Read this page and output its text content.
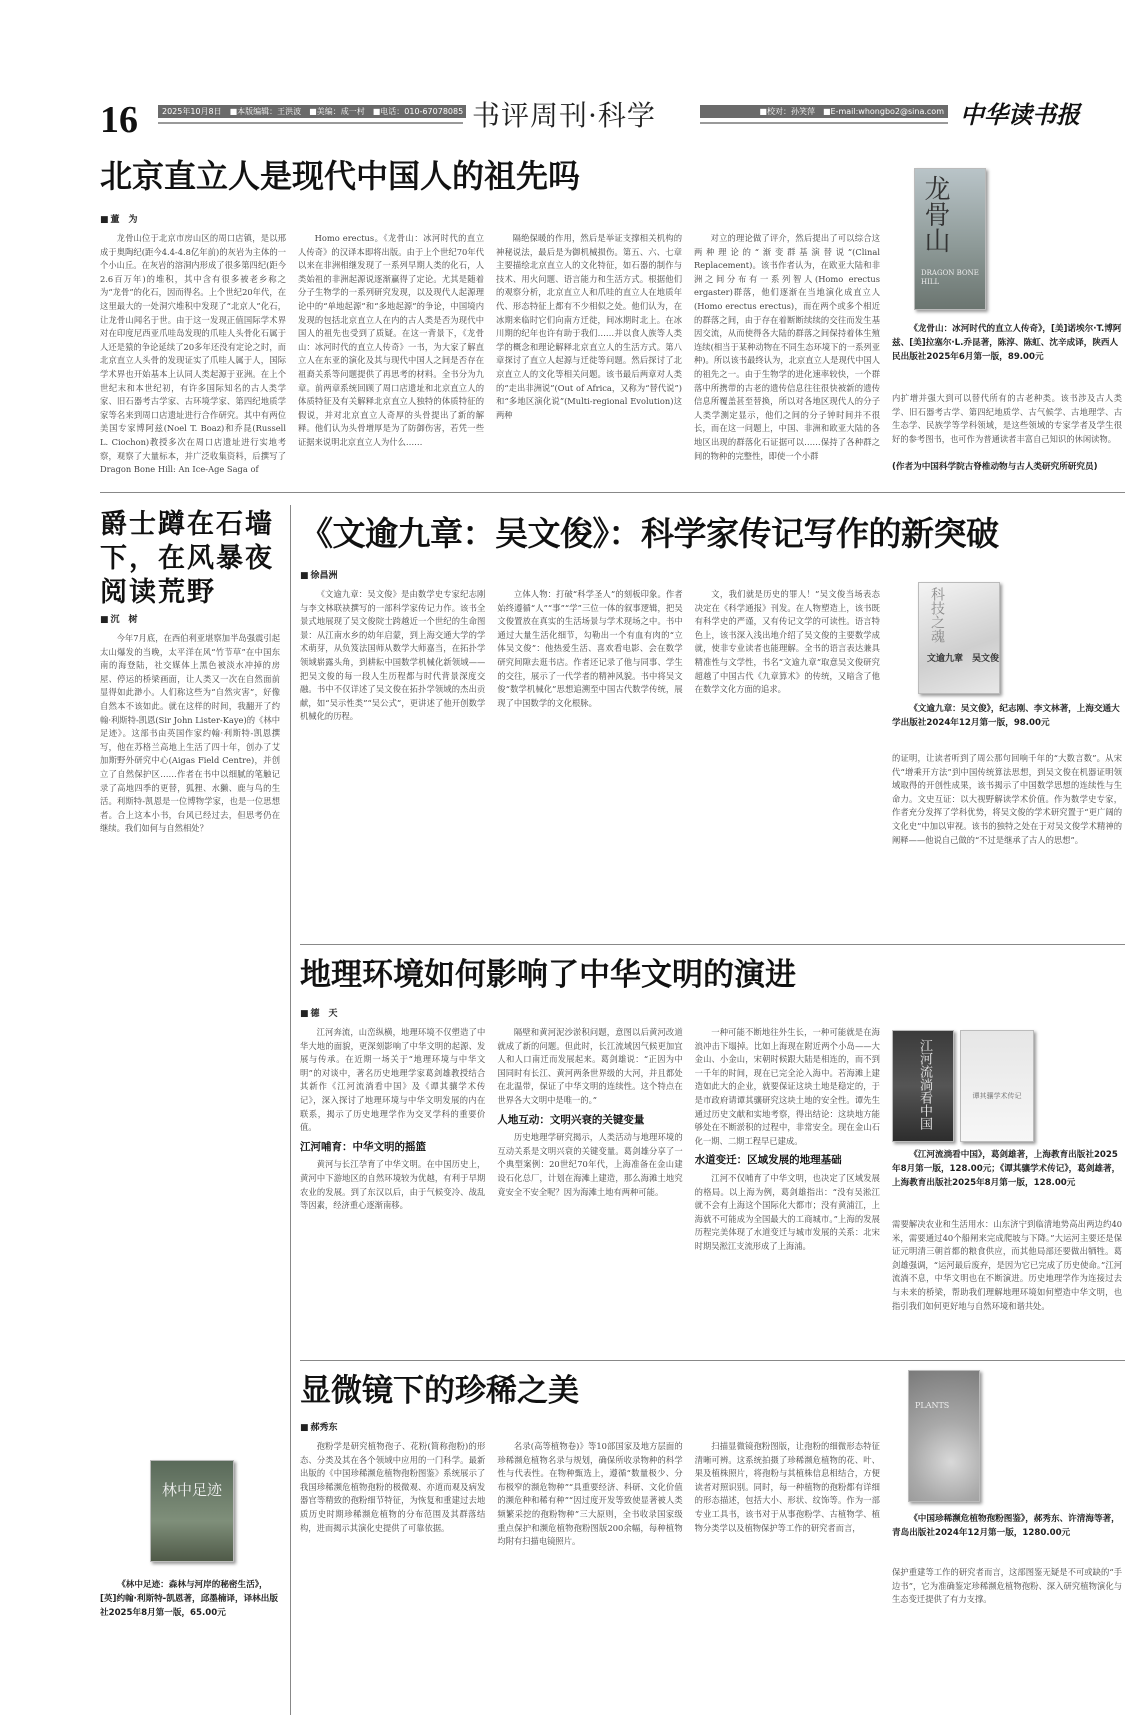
16	2025年10月8日　■本版编辑：王洪波　■美编：成一村　■电话：010-67078085 书评周刊·科学	■校对：孙笑萍　■E-mail:whongbo2@sina.com 中华读书报
北京直立人是现代中国人的祖先吗
■ 董　为

龙骨山位于北京市房山区的周口店镇，是以邢成于奥陶纪(距今4.4-4.8亿年前)的灰岩为主体的一个小山丘。在灰岩的溶洞内形成了很多第四纪(距今2.6百万年)的堆积，其中含有很多被老乡称之为“龙骨”的化石，因而得名。上个世纪20年代，在这里最大的一处洞穴堆积中发现了“北京人”化石，让龙骨山闻名于世。由于这一发现正值国际学术界对在印度尼西亚爪哇岛发现的爪哇人头骨化石属于人还是猿的争论延续了20多年还没有定论之时，而北京直立人头骨的发现证实了爪哇人属于人，国际学术界也开始基本上认同人类起源于亚洲。在上个世纪末和本世纪初，有许多国际知名的古人类学家、旧石器考古学家、古环境学家、第四纪地质学家等名来到周口店遗址进行合作研究。其中有两位美国专家博阿兹(Noel T. Boaz)和乔昆(Russell L. Ciochon)教授多次在周口店遗址进行实地考察，观察了大量标本，并广泛收集资料，后撰写了Dragon Bone Hill: An Ice-Age Saga of

Homo erectus。《龙骨山：冰河时代的直立人传奇》的汉译本即将出版。由于上个世纪70年代以来在非洲相继发现了一系列早期人类的化石，人类始祖的非洲起源说逐渐赢得了定论。尤其是随着分子生物学的一系列研究发现，以及现代人起源理论中的“单地起源”和“多地起源”的争论，中国境内发现的包括北京直立人在内的古人类是否为现代中国人的祖先也受到了质疑。在这一背景下，《龙骨山：冰河时代的直立人传奇》一书，为大家了解直立人在东亚的演化及其与现代中国人之间是否存在祖裔关系等问题提供了再思考的材料。全书分为九章。前两章系统回顾了周口店遗址和北京直立人的体质特征及有关解释北京直立人独特的体质特征的假说，并对北京直立人奇厚的头骨提出了新的解释。他们认为头骨增厚是为了防御伤害，若凭一些证据来说明北京直立人为什么……

隔绝保暖的作用，然后是举证支撑相关机构的神秘说法，最后是为御机械损伤。第五、六、七章主要描绘北京直立人的文化特征，如石器的制作与技术、用火问题、语言能力和生活方式。根据他们的观察分析，北京直立人和爪哇的直立人在地质年代、形态特征上都有不少相似之处。他们认为，在冰期来临时它们向南方迁徙，间冰期时北上。在冰川期的纪年也许有助于我们……并以食人族等人类学的概念和理论解释北京直立人的生活方式。第八章探讨了直立人起源与迁徙等问题。然后探讨了北京直立人的文化等相关问题。该书最后两章对人类的“走出非洲说”(Out of Africa，又称为“替代说”)和“多地区演化说”(Multi-regional Evolution)这两种

对立的理论做了评介，然后提出了可以综合这两种理论的“渐变群基演替说”(Clinal Replacement)。该书作者认为，在欧亚大陆和非洲之间分布有一系列智人(Homo erectus ergaster)群落，他们逐渐在当地演化成直立人(Homo erectus erectus)，而在两个或多个相近的群落之间，由于存在着断断续续的交往而发生基因交流，从而使得各大陆的群落之间保持着体生殖连续(相当于某种动物在不同生态环境下的一系列亚种)。所以该书最终认为，北京直立人是现代中国人的祖先之一。由于生物学的进化速率较快，一个群落中所携带的古老的遗传信息往往很快被新的遗传信息所覆盖甚至替换，所以对各地区现代人的分子人类学测定显示，他们之间的分子钟时间并不很长，而在这一问题上，中国、非洲和欧亚大陆的各地区出现的群落化石证据可以……保持了各种群之间的物种的完整性，即使一个小群

龙骨山
DRAGON BONE HILL
《龙骨山：冰河时代的直立人传奇》，[美]诺埃尔·T.博阿兹、[美]拉塞尔·L.乔昆著，陈淳、陈虹、沈辛成译，陕西人民出版社2025年6月第一版，89.00元
内扩增并强大到可以替代所有的古老种类。该书涉及古人类学、旧石器考古学、第四纪地质学、古气候学、古地理学、古生态学、民族学等学科领域，是这些领域的专家学者及学生很好的参考图书，也可作为普通读者丰富自己知识的休闲读物。
(作者为中国科学院古脊椎动物与古人类研究所研究员)
爵士蹲在石墙下，在风暴夜阅读荒野
■ 沉　树

今年7月底，在西伯利亚堪察加半岛强震引起太山爆发的当晚，太平洋在风“竹节草”在中国东南的海登陆，社交媒体上黑色被淡水冲掉的房屋、停运的桥梁画面，让人类又一次在自然面前显得如此渺小。人们称这些为“自然灾害”，好像自然本不该如此。就在这样的时间，我翻开了约翰·利斯特-凯恩(Sir John Lister-Kaye)的《林中足迹》。这部书由英国作家约翰·利斯特-凯恩撰写，他在苏格兰高地上生活了四十年，创办了艾加斯野外研究中心(Aigas Field Centre)，并创立了自然保护区……作者在书中以细腻的笔触记录了高地四季的更替，狐狸、水獭、鹿与鸟的生活。利斯特-凯恩是一位博物学家，也是一位思想者。合上这本小书，台风已经过去，但思考仍在继续。我们如何与自然相处？

林中足迹
《林中足迹：森林与河岸的秘密生活》，[英]约翰·利斯特-凯恩著，邱墨楠译，译林出版社2025年8月第一版，65.00元
《文逾九章：吴文俊》：科学家传记写作的新突破
■ 徐昌洲

《文逾九章：吴文俊》是由数学史专家纪志刚与李文林联袂撰写的一部科学家传记力作。该书全景式地展现了吴文俊院士跨越近一个世纪的生命图景：从江南水乡的幼年启蒙，到上海交通大学的学术萌芽，从负笈法国师从数学大师嘉当，在拓扑学领域崭露头角，到耕耘中国数学机械化新领域——把吴文俊的每一段人生历程都与时代背景深度交融。书中不仅详述了吴文俊在拓扑学领域的杰出贡献，如“吴示性类”“吴公式”，更讲述了他开创数学机械化的历程。

立体人物：打破“科学圣人”的刻板印象。作者始终遵循“人”“事”“学”三位一体的叙事逻辑，把吴文俊置放在真实的生活场景与学术现场之中。书中通过大量生活化细节，勾勒出一个有血有肉的“立体吴文俊”：他热爱生活、喜欢看电影、会在数学研究间隙去逛书店。作者还记录了他与同事、学生的交往，展示了一代学者的精神风貌。书中将吴文俊“数学机械化”思想追溯至中国古代数学传统，展现了中国数学的文化根脉。

文，我们就是历史的罪人！”吴文俊当场表态决定在《科学通报》刊发。在人物塑造上，该书既有科学史的严谨，又有传记文学的可读性。语言特色上，该书深入浅出地介绍了吴文俊的主要数学成就，使非专业读者也能理解。全书的语言表达兼具精准性与文学性，书名“文逾九章”取意吴文俊研究超越了中国古代《九章算术》的传统，又暗含了他在数学文化方面的追求。

科技之魂
文逾九章　吴文俊
《文逾九章：吴文俊》，纪志刚、李文林著，上海交通大学出版社2024年12月第一版，98.00元
的证明，让读者听到了周公那句回响千年的“大数言数”。从宋代“增乘开方法”到中国传统算法思想，到吴文俊在机器证明领域取得的开创性成果，该书揭示了中国数学思想的连续性与生命力。文史互证：以大视野解读学术价值。作为数学史专家，作者充分发挥了学科优势，将吴文俊的学术研究置于“更广阔的文化史”中加以审视。该书的独特之处在于对吴文俊学术精神的阐释——他说自己做的“不过是继承了古人的思想”。
地理环境如何影响了中华文明的演进
■ 德　天

江河奔流，山峦纵横，地理环境不仅塑造了中华大地的面貌，更深刻影响了中华文明的起源、发展与传承。在近期一场关于“地理环境与中华文明”的对谈中，著名历史地理学家葛剑雄教授结合其新作《江河流淌看中国》及《谭其骧学术传记》，深入探讨了地理环境与中华文明发展的内在联系，揭示了历史地理学作为交叉学科的重要价值。

江河哺育：中华文明的摇篮

黄河与长江孕育了中华文明。在中国历史上，黄河中下游地区的自然环境较为优越，有利于早期农业的发展。到了东汉以后，由于气候变冷、战乱等因素，经济重心逐渐南移。

隔壁和黄河泥沙淤积问题，意图以后黄河改道就成了新的问题。但此时，长江流域因气候更加宜人和人口南迁而发展起来。葛剑雄说：“正因为中国同时有长江、黄河两条世界级的大河，并且都处在北温带，保证了中华文明的连续性。这个特点在世界各大文明中是唯一的。”

人地互动：文明兴衰的关键变量

历史地理学研究揭示，人类活动与地理环境的互动关系是文明兴衰的关键变量。葛剑雄分享了一个典型案例：20世纪70年代，上海准备在金山建设石化总厂，计划在海滩上建造，那么海滩土地究竟安全不安全呢？因为海滩土地有两种可能。

一种可能不断地往外生长，一种可能就是在海浪冲击下塌掉。比如上海现在附近两个小岛——大金山、小金山，宋朝时候跟大陆是相连的，而不到一千年的时间，现在已完全沦入海中。若海滩上建造如此大的企业，就要保证这块土地是稳定的，于是市政府请谭其骧研究这块土地的安全性。谭先生通过历史文献和实地考察，得出结论：这块地方能够处在不断淤积的过程中，非常安全。现在金山石化一期、二期工程早已建成。

水道变迁：区域发展的地理基础

江河不仅哺育了中华文明，也决定了区域发展的格局。以上海为例，葛剑雄指出：“没有吴淞江就不会有上海这个国际化大都市；没有黄浦江，上海就不可能成为全国最大的工商城市。”上海的发展历程完美体现了水道变迁与城市发展的关系：北宋时期吴淞江支流形成了上海浦。

江河流淌看中国	谭其骧学术传记
《江河流淌看中国》，葛剑雄著，上海教育出版社2025年8月第一版，128.00元；《谭其骧学术传记》，葛剑雄著，上海教育出版社2025年8月第一版，128.00元
需要解决农业和生活用水：山东济宁到临清地势高出两边约40米，需要通过40个船闸来完成爬坡与下降。”大运河主要还是保证元明清三朝首都的粮食供应，而其他局部还要做出牺牲。葛剑雄强调，“运河最后废弃，是因为它已完成了历史使命。”江河流淌不息，中华文明也在不断演进。历史地理学作为连接过去与未来的桥梁，帮助我们理解地理环境如何塑造中华文明，也指引我们如何更好地与自然环境和谐共处。
显微镜下的珍稀之美
■ 郝秀东

孢粉学是研究植物孢子、花粉(简称孢粉)的形态、分类及其在各个领域中应用的一门科学。最新出版的《中国珍稀濒危植物孢粉图鉴》系统展示了我国珍稀濒危植物孢粉的极微观、亦道而观及病发器官等精致的孢粉细节特征，为恢复和重建过去地质历史时期珍稀濒危植物的分布范围及其群落结构，进而揭示其演化史提供了可靠依据。

名录(高等植物卷)》等10部国家及地方层面的珍稀濒危植物名录与规划，确保所收录物种的科学性与代表性。在物种甄选上，遵循“数量极少、分布极窄的濒危物种”“具重要经济、科研、文化价值的濒危种和稀有种”“因过度开发等致使显著被人类频繁采挖的孢粉物种”三大原则，全书收录国家级重点保护和濒危植物孢粉图版200余幅，每种植物均附有扫描电镜照片。

扫描显微镜孢粉图版，让孢粉的细微形态特征清晰可辨。这系统拍摄了珍稀濒危植物的花、叶、果及植株照片，将孢粉与其植株信息相结合，方便读者对照识别。同时，每一种植物的孢粉都有详细的形态描述，包括大小、形状、纹饰等。作为一部专业工具书，该书对于从事孢粉学、古植物学、植物分类学以及植物保护等工作的研究者而言，

PLANTS
《中国珍稀濒危植物孢粉图鉴》，郝秀东、许清海等著，青岛出版社2024年12月第一版，1280.00元
保护重建等工作的研究者而言，这部图鉴无疑是不可或缺的“手边书”，它为准确鉴定珍稀濒危植物孢粉、深入研究植物演化与生态变迁提供了有力支撑。
